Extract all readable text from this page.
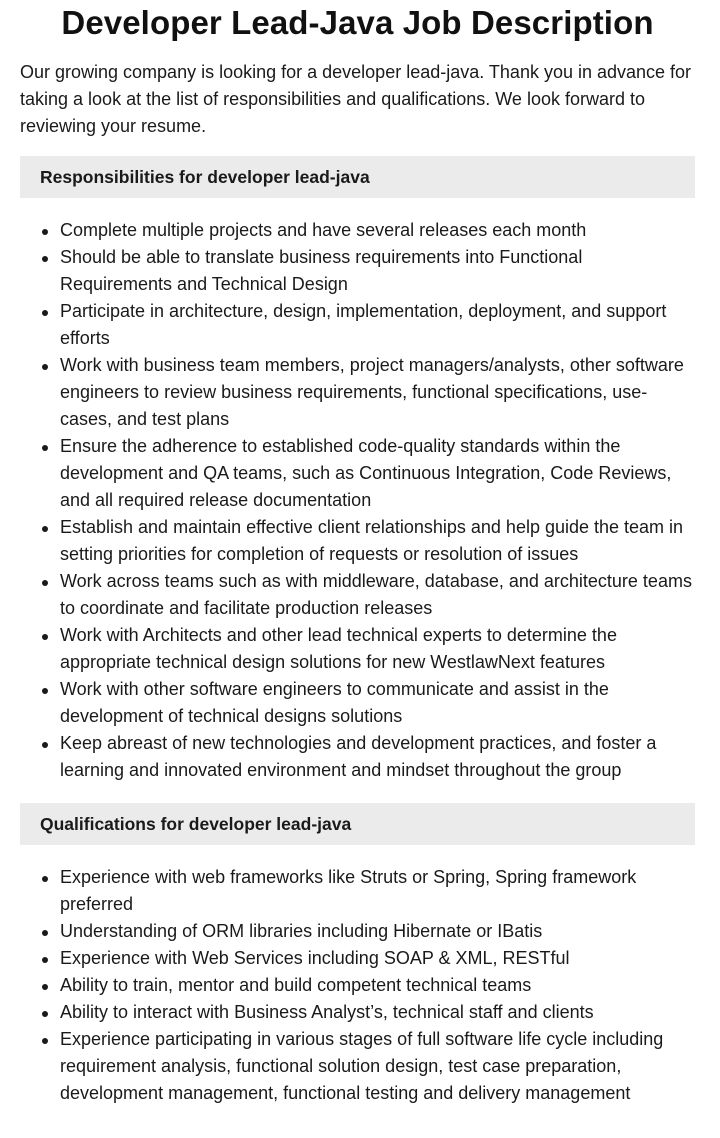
Developer Lead-Java Job Description

Our growing company is looking for a developer lead-java. Thank you in advance for taking a look at the list of responsibilities and qualifications. We look forward to reviewing your resume.

Responsibilities for developer lead-java
Complete multiple projects and have several releases each month
Should be able to translate business requirements into Functional Requirements and Technical Design
Participate in architecture, design, implementation, deployment, and support efforts
Work with business team members, project managers/analysts, other software engineers to review business requirements, functional specifications, use-cases, and test plans
Ensure the adherence to established code-quality standards within the development and QA teams, such as Continuous Integration, Code Reviews, and all required release documentation
Establish and maintain effective client relationships and help guide the team in setting priorities for completion of requests or resolution of issues
Work across teams such as with middleware, database, and architecture teams to coordinate and facilitate production releases
Work with Architects and other lead technical experts to determine the appropriate technical design solutions for new WestlawNext features
Work with other software engineers to communicate and assist in the development of technical designs solutions
Keep abreast of new technologies and development practices, and foster a learning and innovated environment and mindset throughout the group
Qualifications for developer lead-java
Experience with web frameworks like Struts or Spring, Spring framework preferred
Understanding of ORM libraries including Hibernate or IBatis
Experience with Web Services including SOAP & XML, RESTful
Ability to train, mentor and build competent technical teams
Ability to interact with Business Analyst’s, technical staff and clients
Experience participating in various stages of full software life cycle including requirement analysis, functional solution design, test case preparation, development management, functional testing and delivery management
